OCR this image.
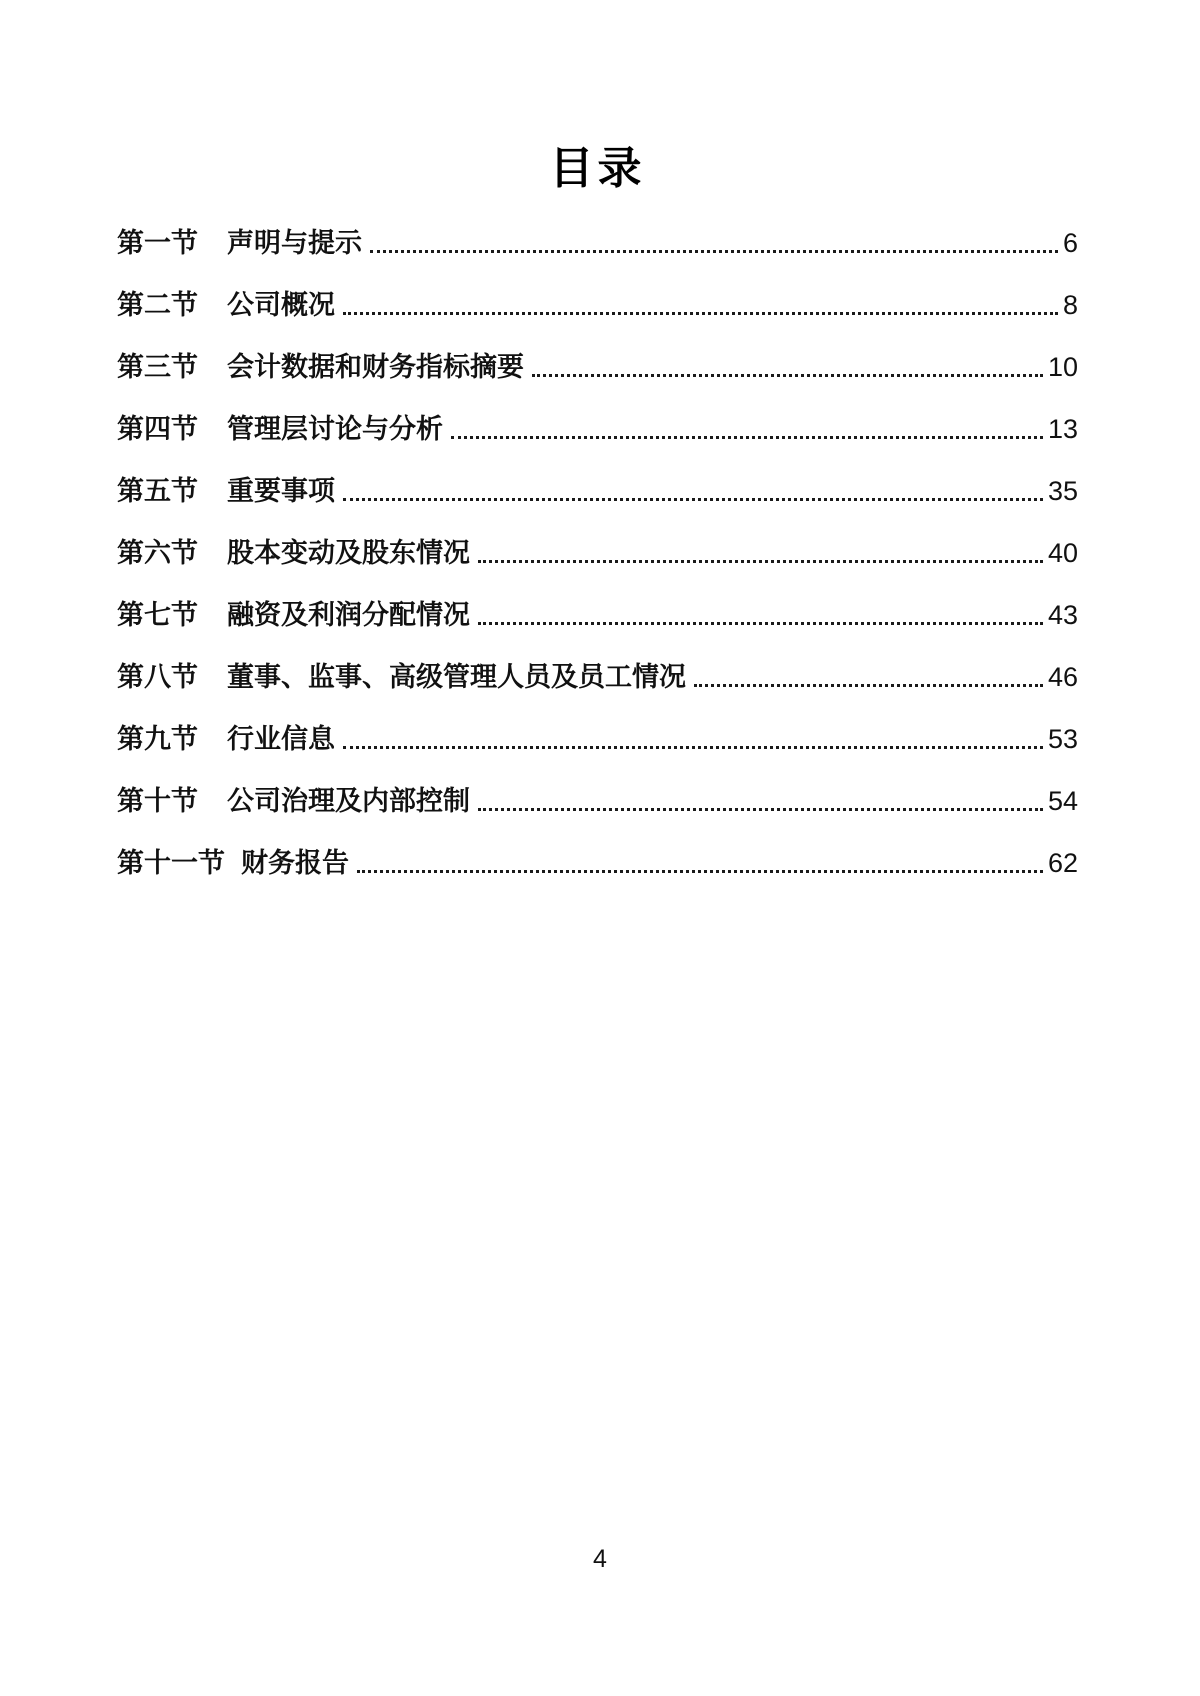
目录
第一节	声明与提示	6
第二节	公司概况	8
第三节	会计数据和财务指标摘要	10
第四节	管理层讨论与分析	13
第五节	重要事项	35
第六节	股本变动及股东情况	40
第七节	融资及利润分配情况	43
第八节	董事、监事、高级管理人员及员工情况	46
第九节	行业信息	53
第十节	公司治理及内部控制	54
第十一节 财务报告	62
4
